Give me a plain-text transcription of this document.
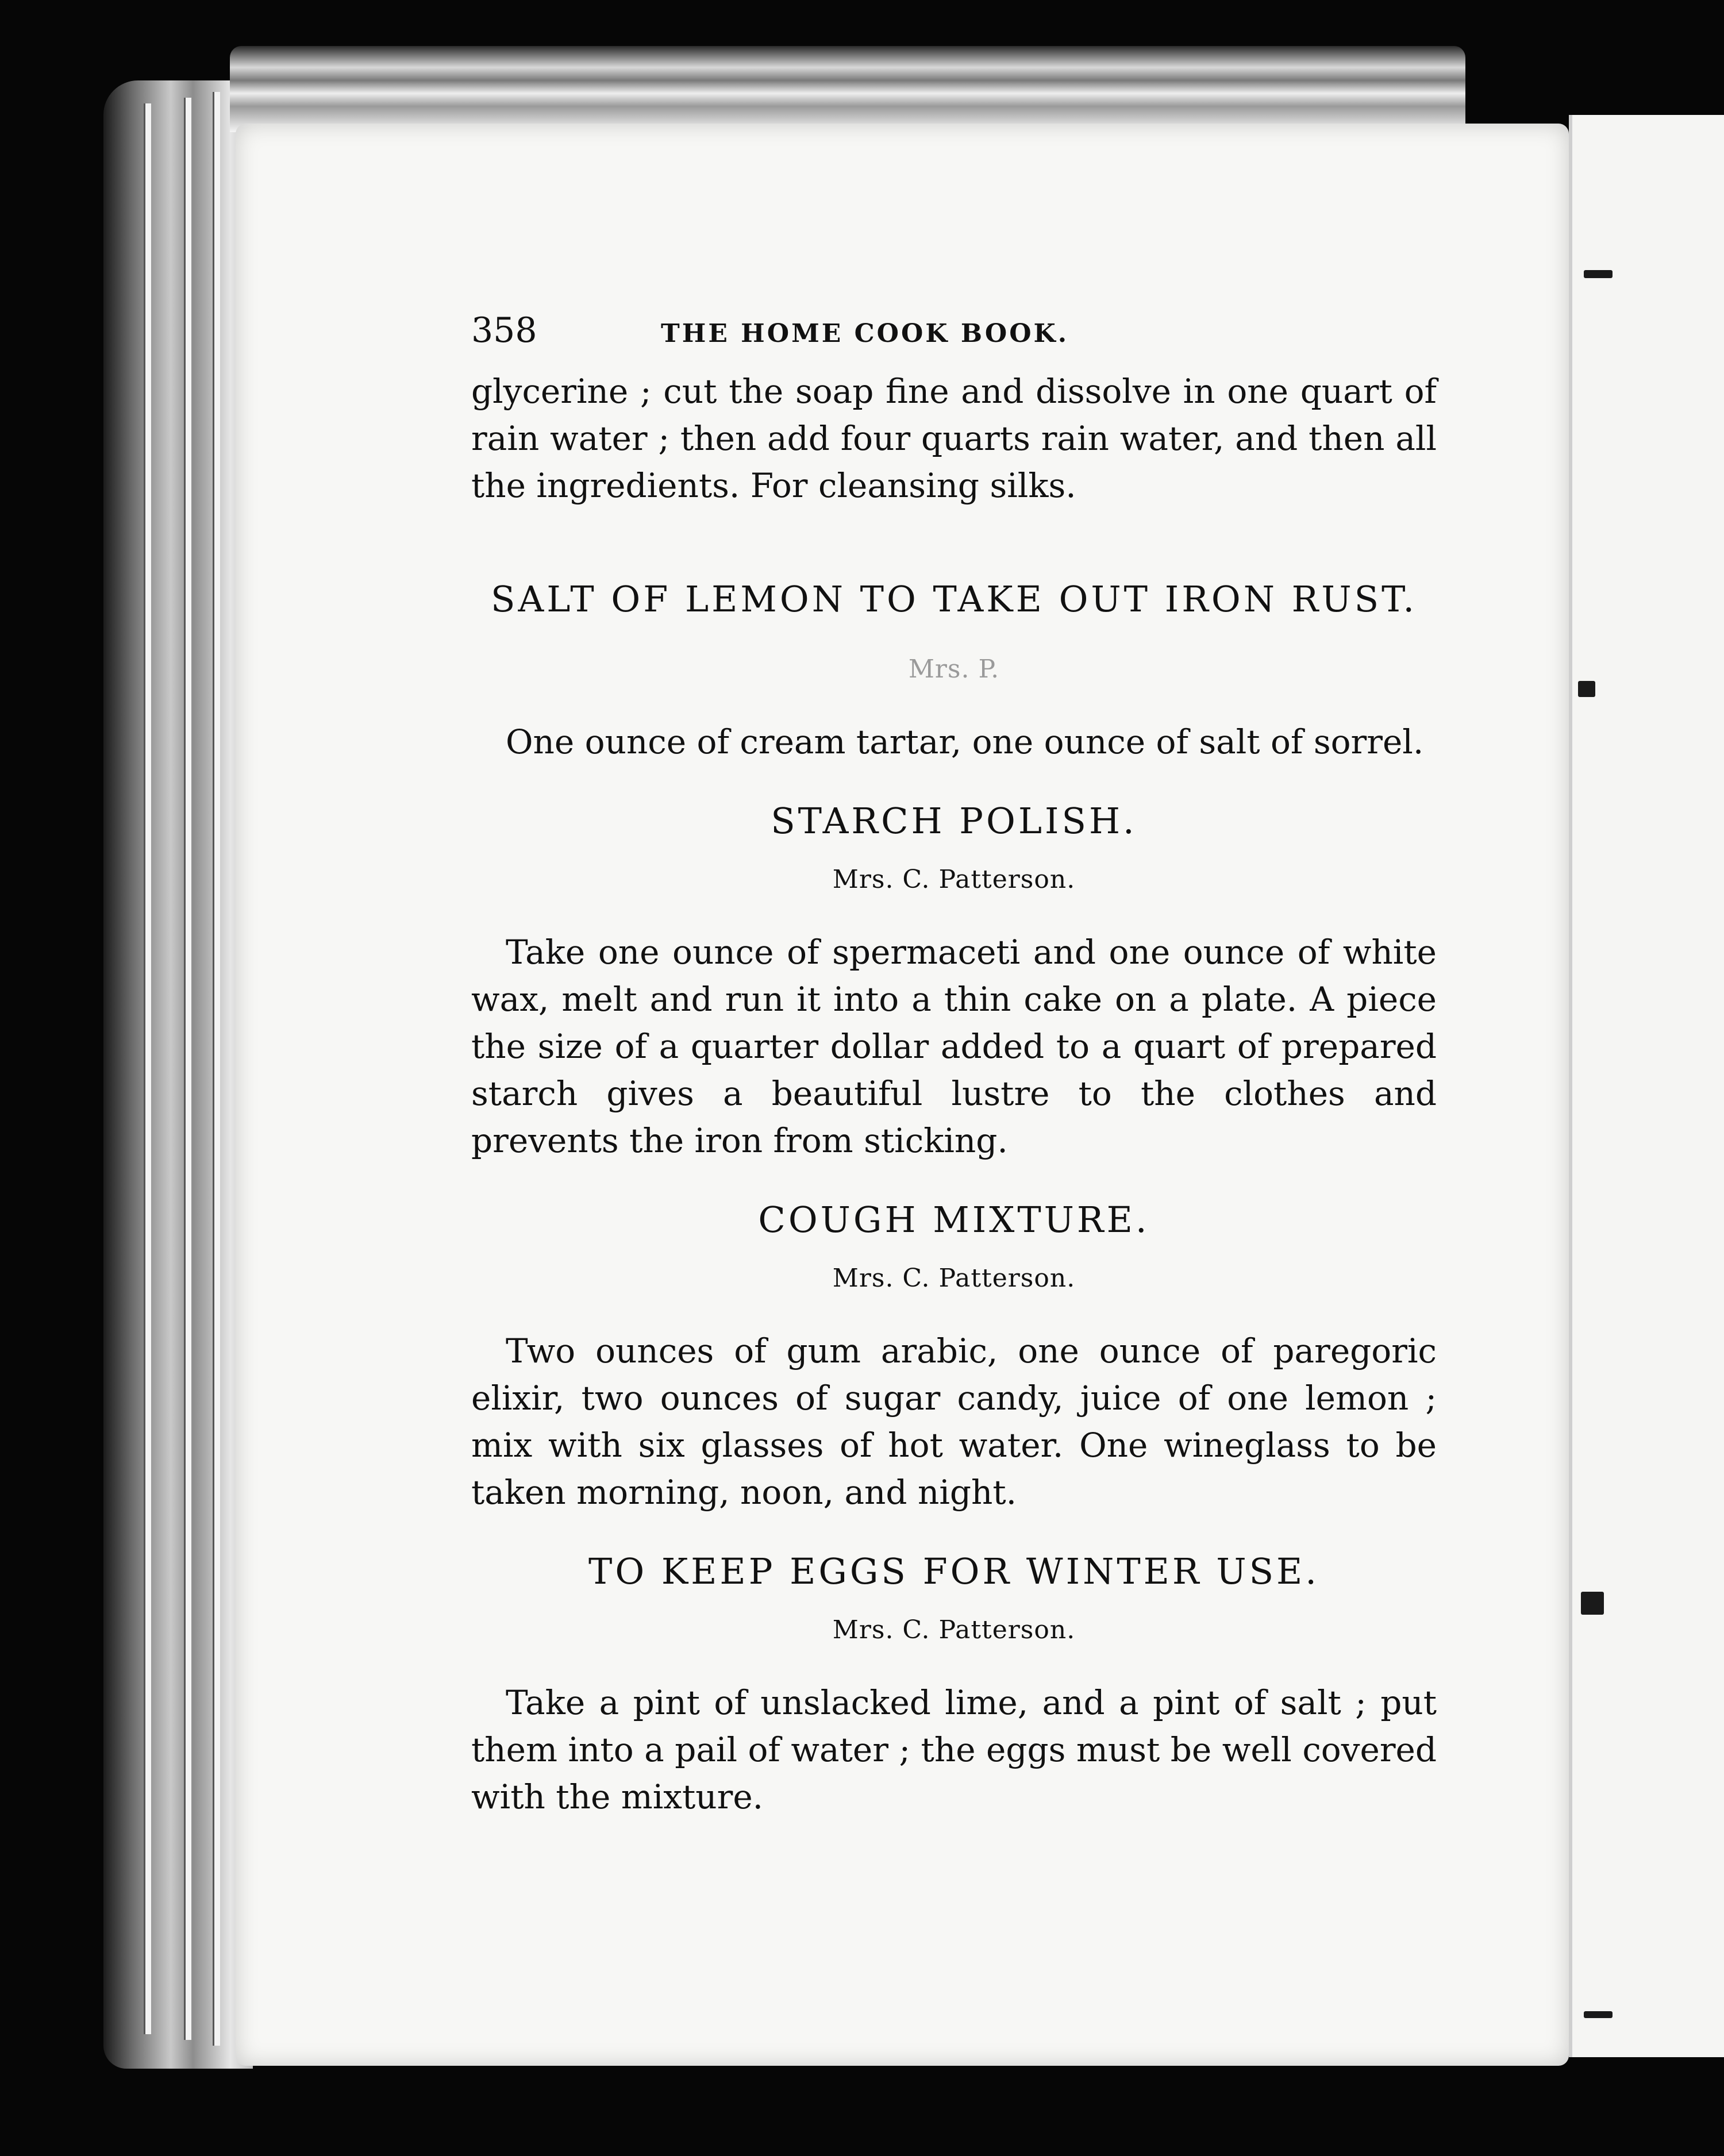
358	THE HOME COOK BOOK.

glycerine ; cut the soap fine and dissolve in one quart of rain water ; then add four quarts rain water, and then all the ingredients. For cleansing silks.

SALT OF LEMON TO TAKE OUT IRON RUST.

Mrs. P.

One ounce of cream tartar, one ounce of salt of sorrel.

STARCH POLISH.

Mrs. C. Patterson.

Take one ounce of spermaceti and one ounce of white wax, melt and run it into a thin cake on a plate. A piece the size of a quarter dollar added to a quart of prepared starch gives a beautiful lustre to the clothes and prevents the iron from sticking.

COUGH MIXTURE.

Mrs. C. Patterson.

Two ounces of gum arabic, one ounce of paregoric elixir, two ounces of sugar candy, juice of one lemon ; mix with six glasses of hot water. One wineglass to be taken morning, noon, and night.

TO KEEP EGGS FOR WINTER USE.

Mrs. C. Patterson.

Take a pint of unslacked lime, and a pint of salt ; put them into a pail of water ; the eggs must be well covered with the mixture.
